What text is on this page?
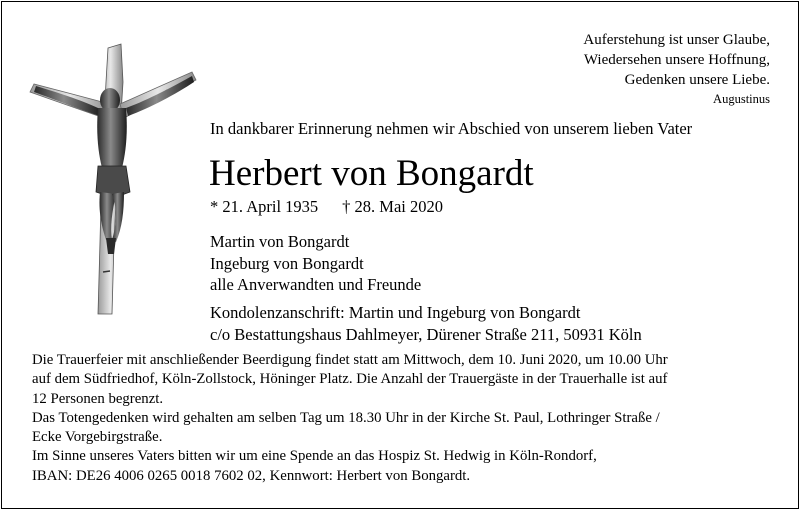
Auferstehung ist unser Glaube,
Wiedersehen unsere Hoffnung,
Gedenken unsere Liebe.
Augustinus
In dankbarer Erinnerung nehmen wir Abschied von unserem lieben Vater
Herbert von Bongardt
* 21. April 1935 † 28. Mai 2020
Martin von Bongardt
Ingeburg von Bongardt
alle Anverwandten und Freunde
Kondolenzanschrift: Martin und Ingeburg von Bongardt
c/o Bestattungshaus Dahlmeyer, Dürener Straße 211, 50931 Köln
Die Trauerfeier mit anschließender Beerdigung findet statt am Mittwoch, dem 10. Juni 2020, um 10.00 Uhr
auf dem Südfriedhof, Köln-Zollstock, Höninger Platz. Die Anzahl der Trauergäste in der Trauerhalle ist auf
12 Personen begrenzt.
Das Totengedenken wird gehalten am selben Tag um 18.30 Uhr in der Kirche St. Paul, Lothringer Straße /
Ecke Vorgebirgstraße.
Im Sinne unseres Vaters bitten wir um eine Spende an das Hospiz St. Hedwig in Köln-Rondorf,
IBAN: DE26 4006 0265 0018 7602 02, Kennwort: Herbert von Bongardt.
